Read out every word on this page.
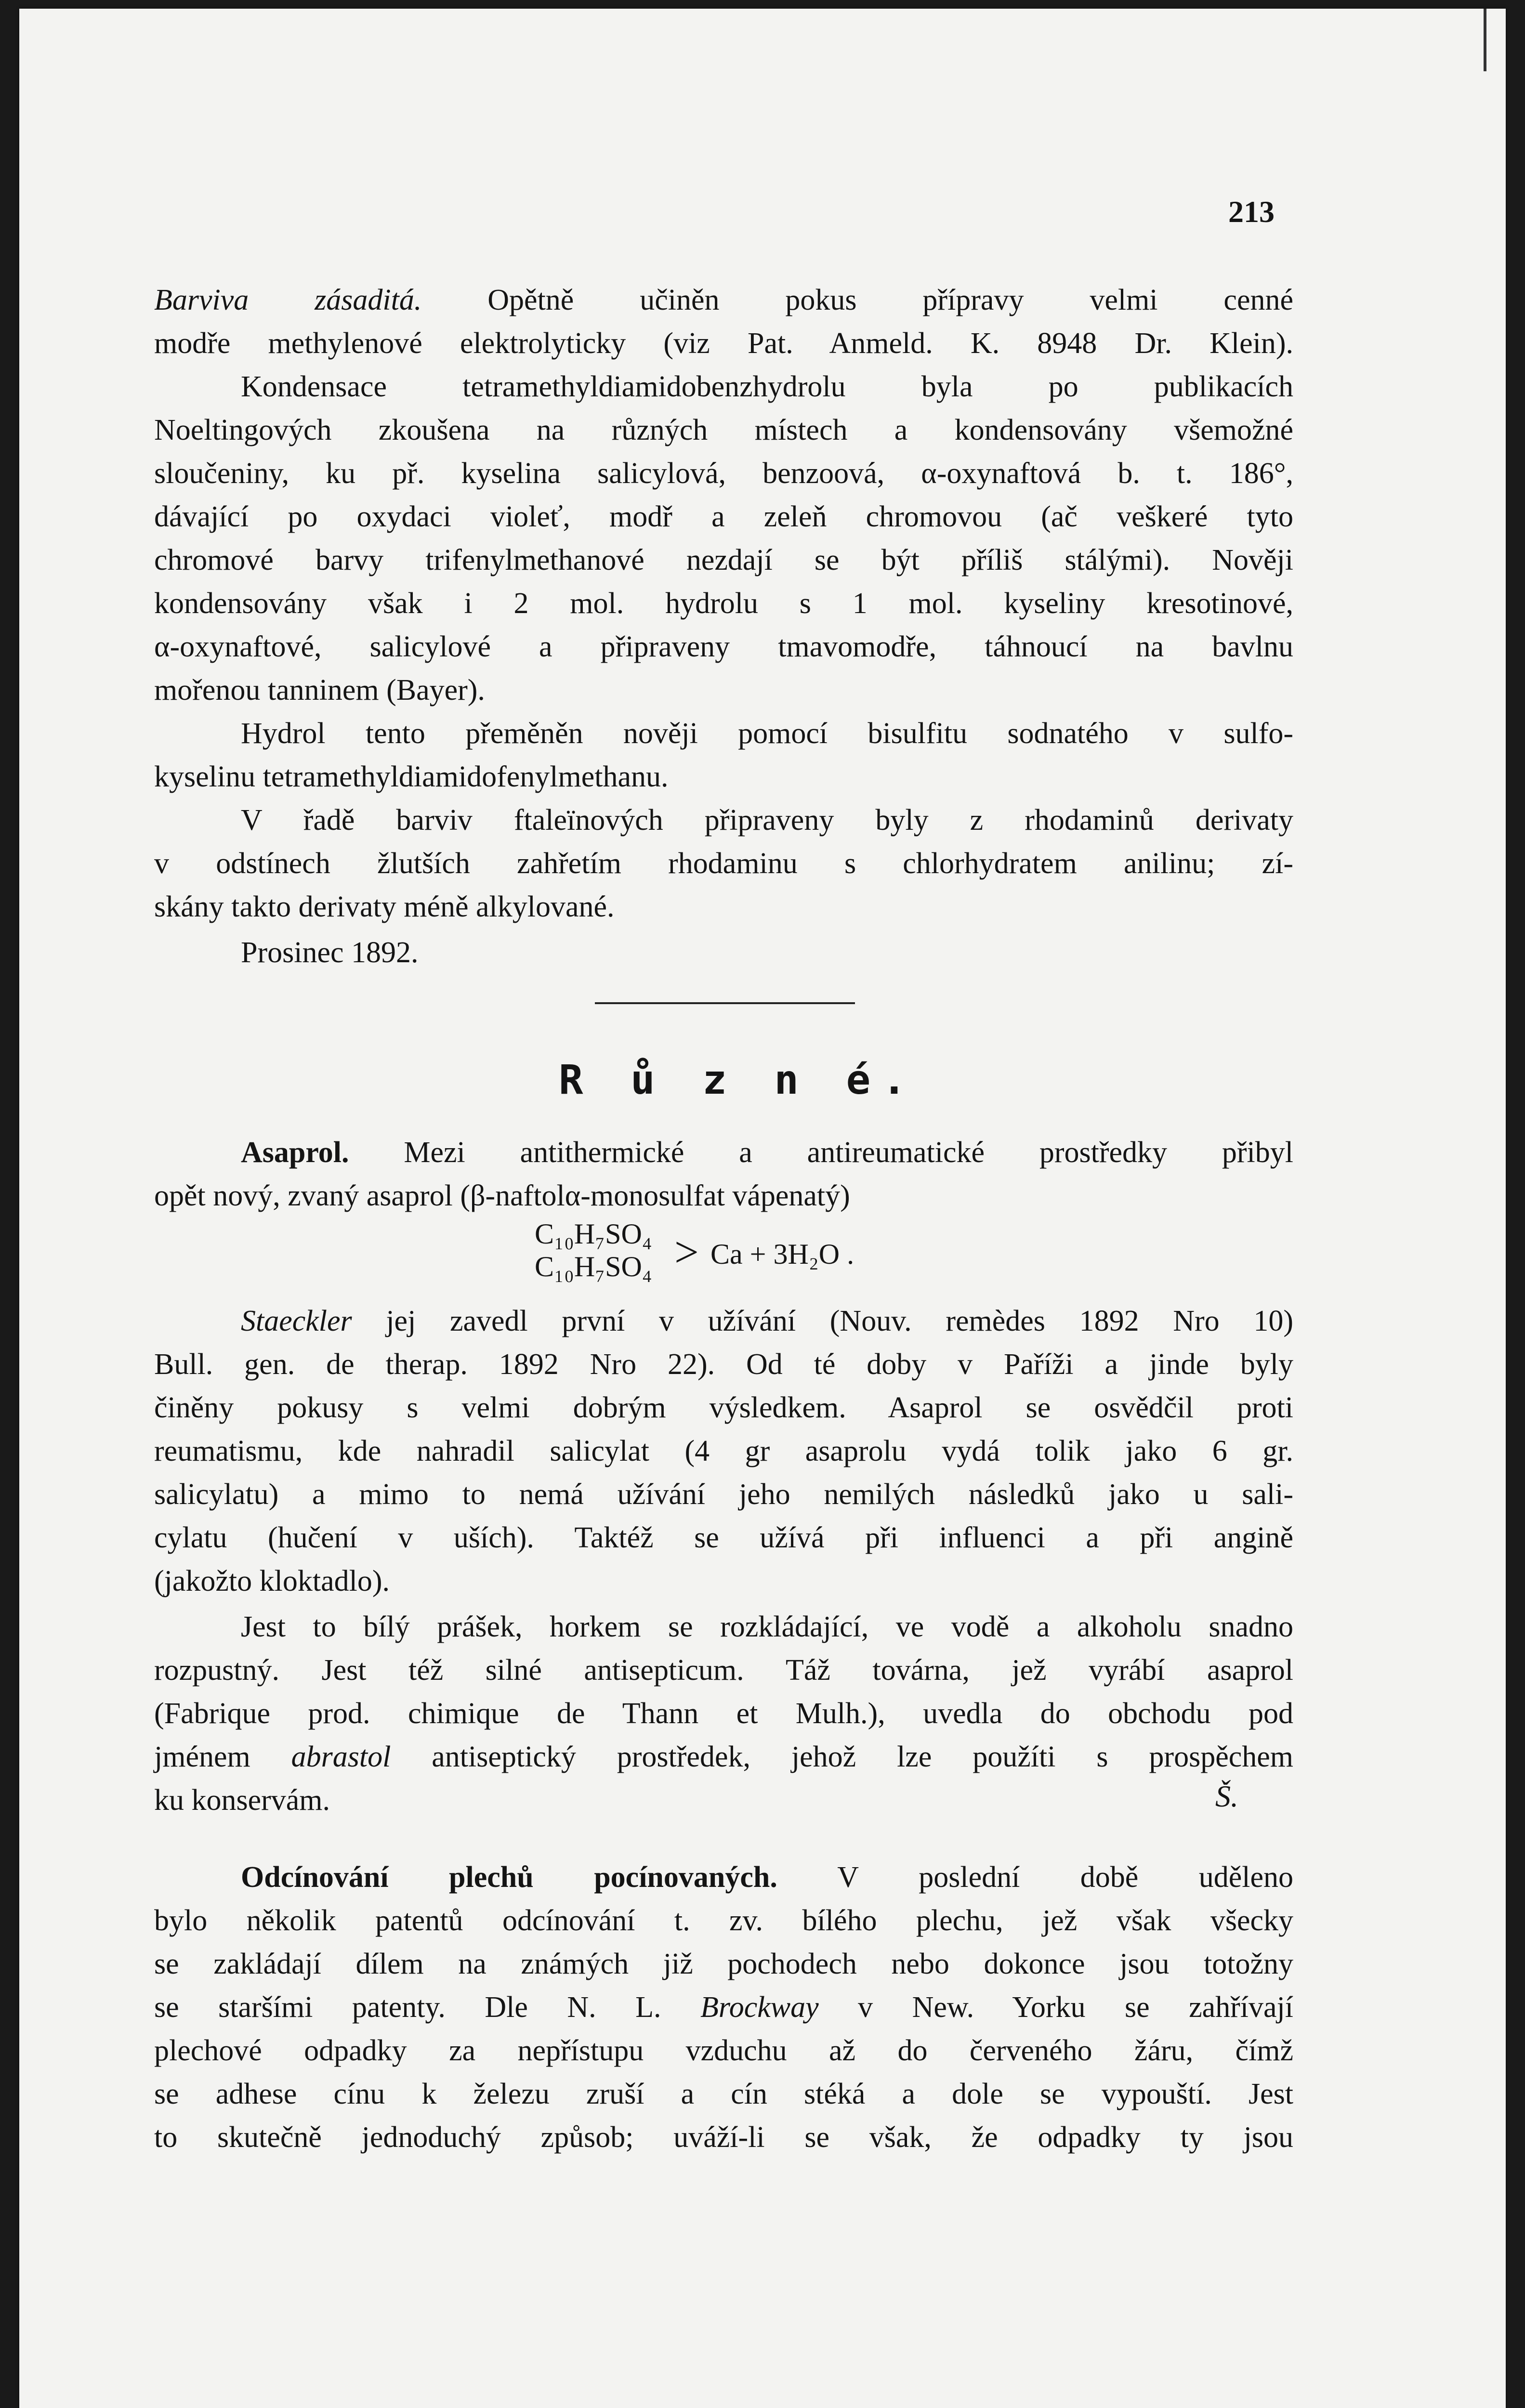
213
Barviva zásaditá. Opětně učiněn pokus přípravy velmi cenné
modře methylenové elektrolyticky (viz Pat. Anmeld. K. 8948 Dr. Klein).
Kondensace tetramethyldiamidobenzhydrolu byla po publikacích
Noeltingových zkoušena na různých místech a kondensovány všemožné
sloučeniny, ku př. kyselina salicylová, benzoová, α-oxynaftová b. t. 186°,
dávající po oxydaci violeť, modř a zeleň chromovou (ač veškeré tyto
chromové barvy trifenylmethanové nezdají se být příliš stálými). Nověji
kondensovány však i 2 mol. hydrolu s 1 mol. kyseliny kresotinové,
α-oxynaftové, salicylové a připraveny tmavomodře, táhnoucí na bavlnu
mořenou tanninem (Bayer).
Hydrol tento přeměněn nověji pomocí bisulfitu sodnatého v sulfo-
kyselinu tetramethyldiamidofenylmethanu.
V řadě barviv ftaleïnových připraveny byly z rhodaminů derivaty
v odstínech žlutších zahřetím rhodaminu s chlorhydratem anilinu; zí-
skány takto derivaty méně alkylované.
Prosinec 1892.
R ů z n é.
Asaprol. Mezi antithermické a antireumatické prostředky přibyl
opět nový, zvaný asaprol (β-naftolα-monosulfat vápenatý)
C₁₀H₇SO₄
C₁₀H₇SO₄ > Ca + 3H₂O .
Staeckler jej zavedl první v užívání (Nouv. remèdes 1892 Nro 10)
Bull. gen. de therap. 1892 Nro 22). Od té doby v Paříži a jinde byly
činěny pokusy s velmi dobrým výsledkem. Asaprol se osvědčil proti
reumatismu, kde nahradil salicylat (4 gr asaprolu vydá tolik jako 6 gr.
salicylatu) a mimo to nemá užívání jeho nemilých následků jako u sali-
cylatu (hučení v uších). Taktéž se užívá při influenci a při angině
(jakožto kloktadlo).
Jest to bílý prášek, horkem se rozkládající, ve vodě a alkoholu snadno
rozpustný. Jest též silné antisepticum. Táž továrna, jež vyrábí asaprol
(Fabrique prod. chimique de Thann et Mulh.), uvedla do obchodu pod
jménem abrastol antiseptický prostředek, jehož lze použíti s prospěchem
ku konservám.	Š.
Odcínování plechů pocínovaných. V poslední době uděleno
bylo několik patentů odcínování t. zv. bílého plechu, jež však všecky
se zakládají dílem na známých již pochodech nebo dokonce jsou totožny
se staršími patenty. Dle N. L. Brockway v New. Yorku se zahřívají
plechové odpadky za nepřístupu vzduchu až do červeného žáru, čímž
se adhese cínu k železu zruší a cín stéká a dole se vypouští. Jest
to skutečně jednoduchý způsob; uváží-li se však, že odpadky ty jsou
